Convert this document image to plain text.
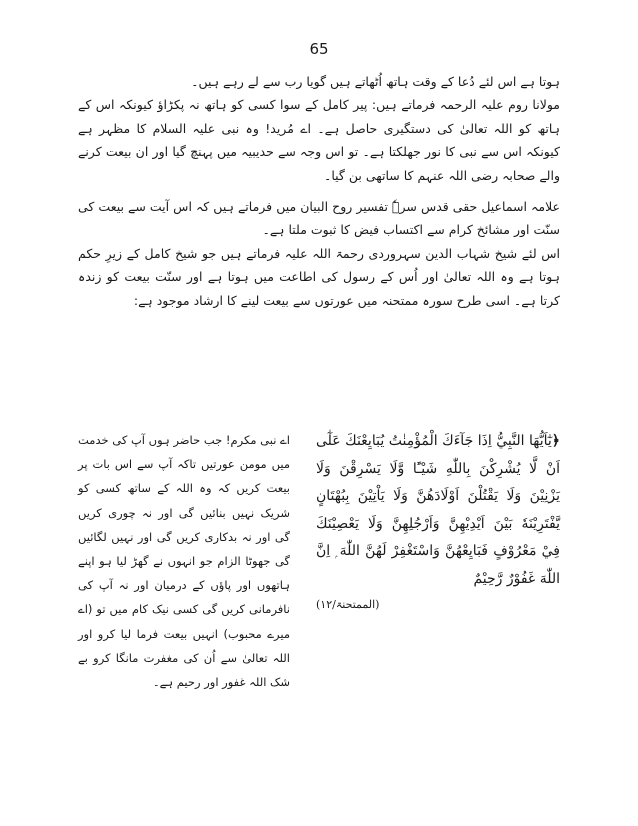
65

ہوتا ہے اس لئے دُعا کے وقت ہاتھ اُٹھاتے ہیں گویا رب سے لے رہے ہیں۔

مولانا روم علیہ الرحمہ فرماتے ہیں: پیر کامل کے سوا کسی کو ہاتھ نہ پکڑاؤ کیونکہ اس کے ہاتھ کو اللہ تعالیٰ کی دستگیری حاصل ہے۔ اے مُرید! وہ نبی علیہ السلام کا مظہر ہے کیونکہ اس سے نبی کا نور جھلکتا ہے۔ تو اس وجہ سے حدیبیہ میں پہنچ گیا اور ان بیعت کرنے والے صحابہ رضی اللہ عنہم کا ساتھی بن گیا۔

علامہ اسماعیل حقی قدس سرہٗ تفسیر روح البیان میں فرماتے ہیں کہ اس آیت سے بیعت کی سنّت اور مشائخ کرام سے اکتساب فیض کا ثبوت ملتا ہے۔

اس لئے شیخ شہاب الدین سہروردی رحمۃ اللہ علیہ فرماتے ہیں جو شیخ کامل کے زیرِ حکم ہوتا ہے وہ اللہ تعالیٰ اور اُس کے رسول کی اطاعت میں ہوتا ہے اور سنّت بیعت کو زندہ کرتا ہے۔ اسی طرح سورہ ممتحنہ میں عورتوں سے بیعت لینے کا ارشاد موجود ہے:

﴿يٰٓاَيُّهَا النَّبِيُّ اِذَا جَآءَكَ الْمُؤْمِنٰتُ يُبَايِعْنَكَ عَلٰٓى اَنْ لَّا يُشْرِكْنَ بِاللّٰهِ شَيْـًٔا وَّلَا يَسْرِقْنَ وَلَا يَزْنِيْنَ وَلَا يَقْتُلْنَ اَوْلَادَهُنَّ وَلَا يَاْتِيْنَ بِبُهْتَانٍ يَّفْتَرِيْنَهٗ بَيْنَ اَيْدِيْهِنَّ وَاَرْجُلِهِنَّ وَلَا يَعْصِيْنَكَ فِيْ مَعْرُوْفٍ فَبَايِعْهُنَّ وَاسْتَغْفِرْ لَهُنَّ اللّٰهَ ۭ اِنَّ اللّٰهَ غَفُوْرٌ رَّحِيْمٌ
(الممتحنۃ/۱۲)
اے نبی مکرم! جب حاضر ہوں آپ کی خدمت میں مومن عورتیں تاکہ آپ سے اس بات پر بیعت کریں کہ وہ اللہ کے ساتھ کسی کو شریک نہیں بنائیں گی اور نہ چوری کریں گی اور نہ بدکاری کریں گی اور نہیں لگائیں گی جھوٹا الزام جو انہوں نے گھڑ لیا ہو اپنے ہاتھوں اور پاؤں کے درمیان اور نہ آپ کی نافرمانی کریں گی کسی نیک کام میں تو (اے میرے محبوب) انہیں بیعت فرما لیا کرو اور اللہ تعالیٰ سے اُن کی مغفرت مانگا کرو بے شک اللہ غفور اور رحیم ہے۔
